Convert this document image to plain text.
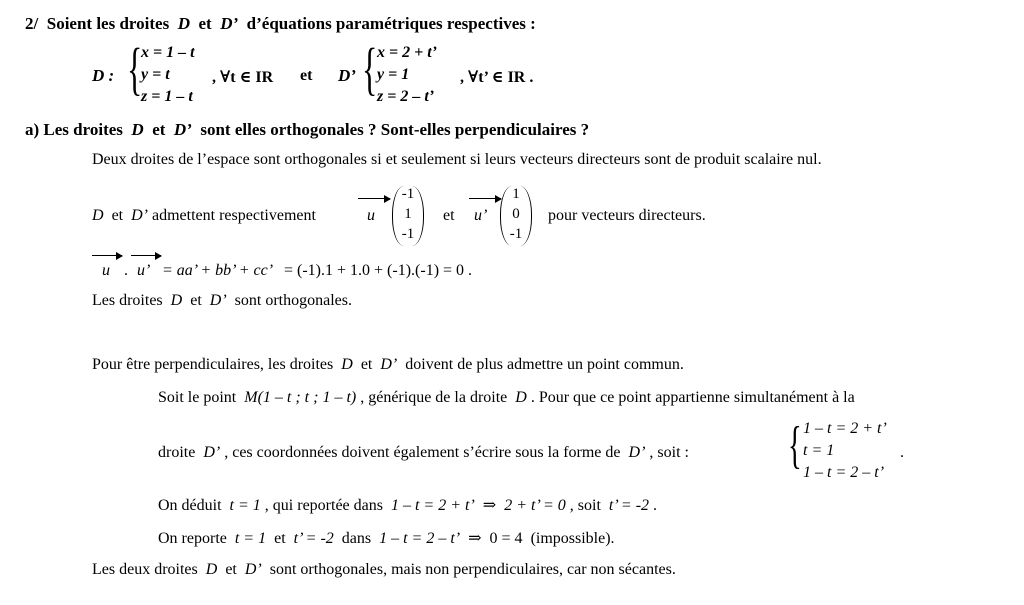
2/ Soient les droites D et D’ d’équations paramétriques respectives :
D : {
x = 1 – t
y = t
z = 1 – t
, ∀t ∈ IR et D’ { x = 2 + t’
y = 1
z = 2 – t’
, ∀t’ ∈ IR .
a) Les droites D et D’ sont elles orthogonales ? Sont-elles perpendiculaires ?
Deux droites de l’espace sont orthogonales si et seulement si leurs vecteurs directeurs sont de produit scalaire nul.
D et D’ admettent respectivement	u
-1
1
-1
et u’
1
0
-1
pour vecteurs directeurs.
u . u’ = aa’ + bb’ + cc’ = (-1).1 + 1.0 + (-1).(-1) = 0 .
Les droites D et D’ sont orthogonales.
Pour être perpendiculaires, les droites D et D’ doivent de plus admettre un point commun.
Soit le point M(1 – t ; t ; 1 – t) , générique de la droite D . Pour que ce point appartienne simultanément à la
droite D’ , ces coordonnées doivent également s’écrire sous la forme de D’ , soit : { 1 – t = 2 + t’
t = 1
1 – t = 2 – t’
.
On déduit t = 1 , qui reportée dans 1 – t = 2 + t’ ⇒ 2 + t’ = 0 , soit t’ = -2 .
On reporte t = 1 et t’ = -2 dans 1 – t = 2 – t’ ⇒ 0 = 4 (impossible).
Les deux droites D et D’ sont orthogonales, mais non perpendiculaires, car non sécantes.
